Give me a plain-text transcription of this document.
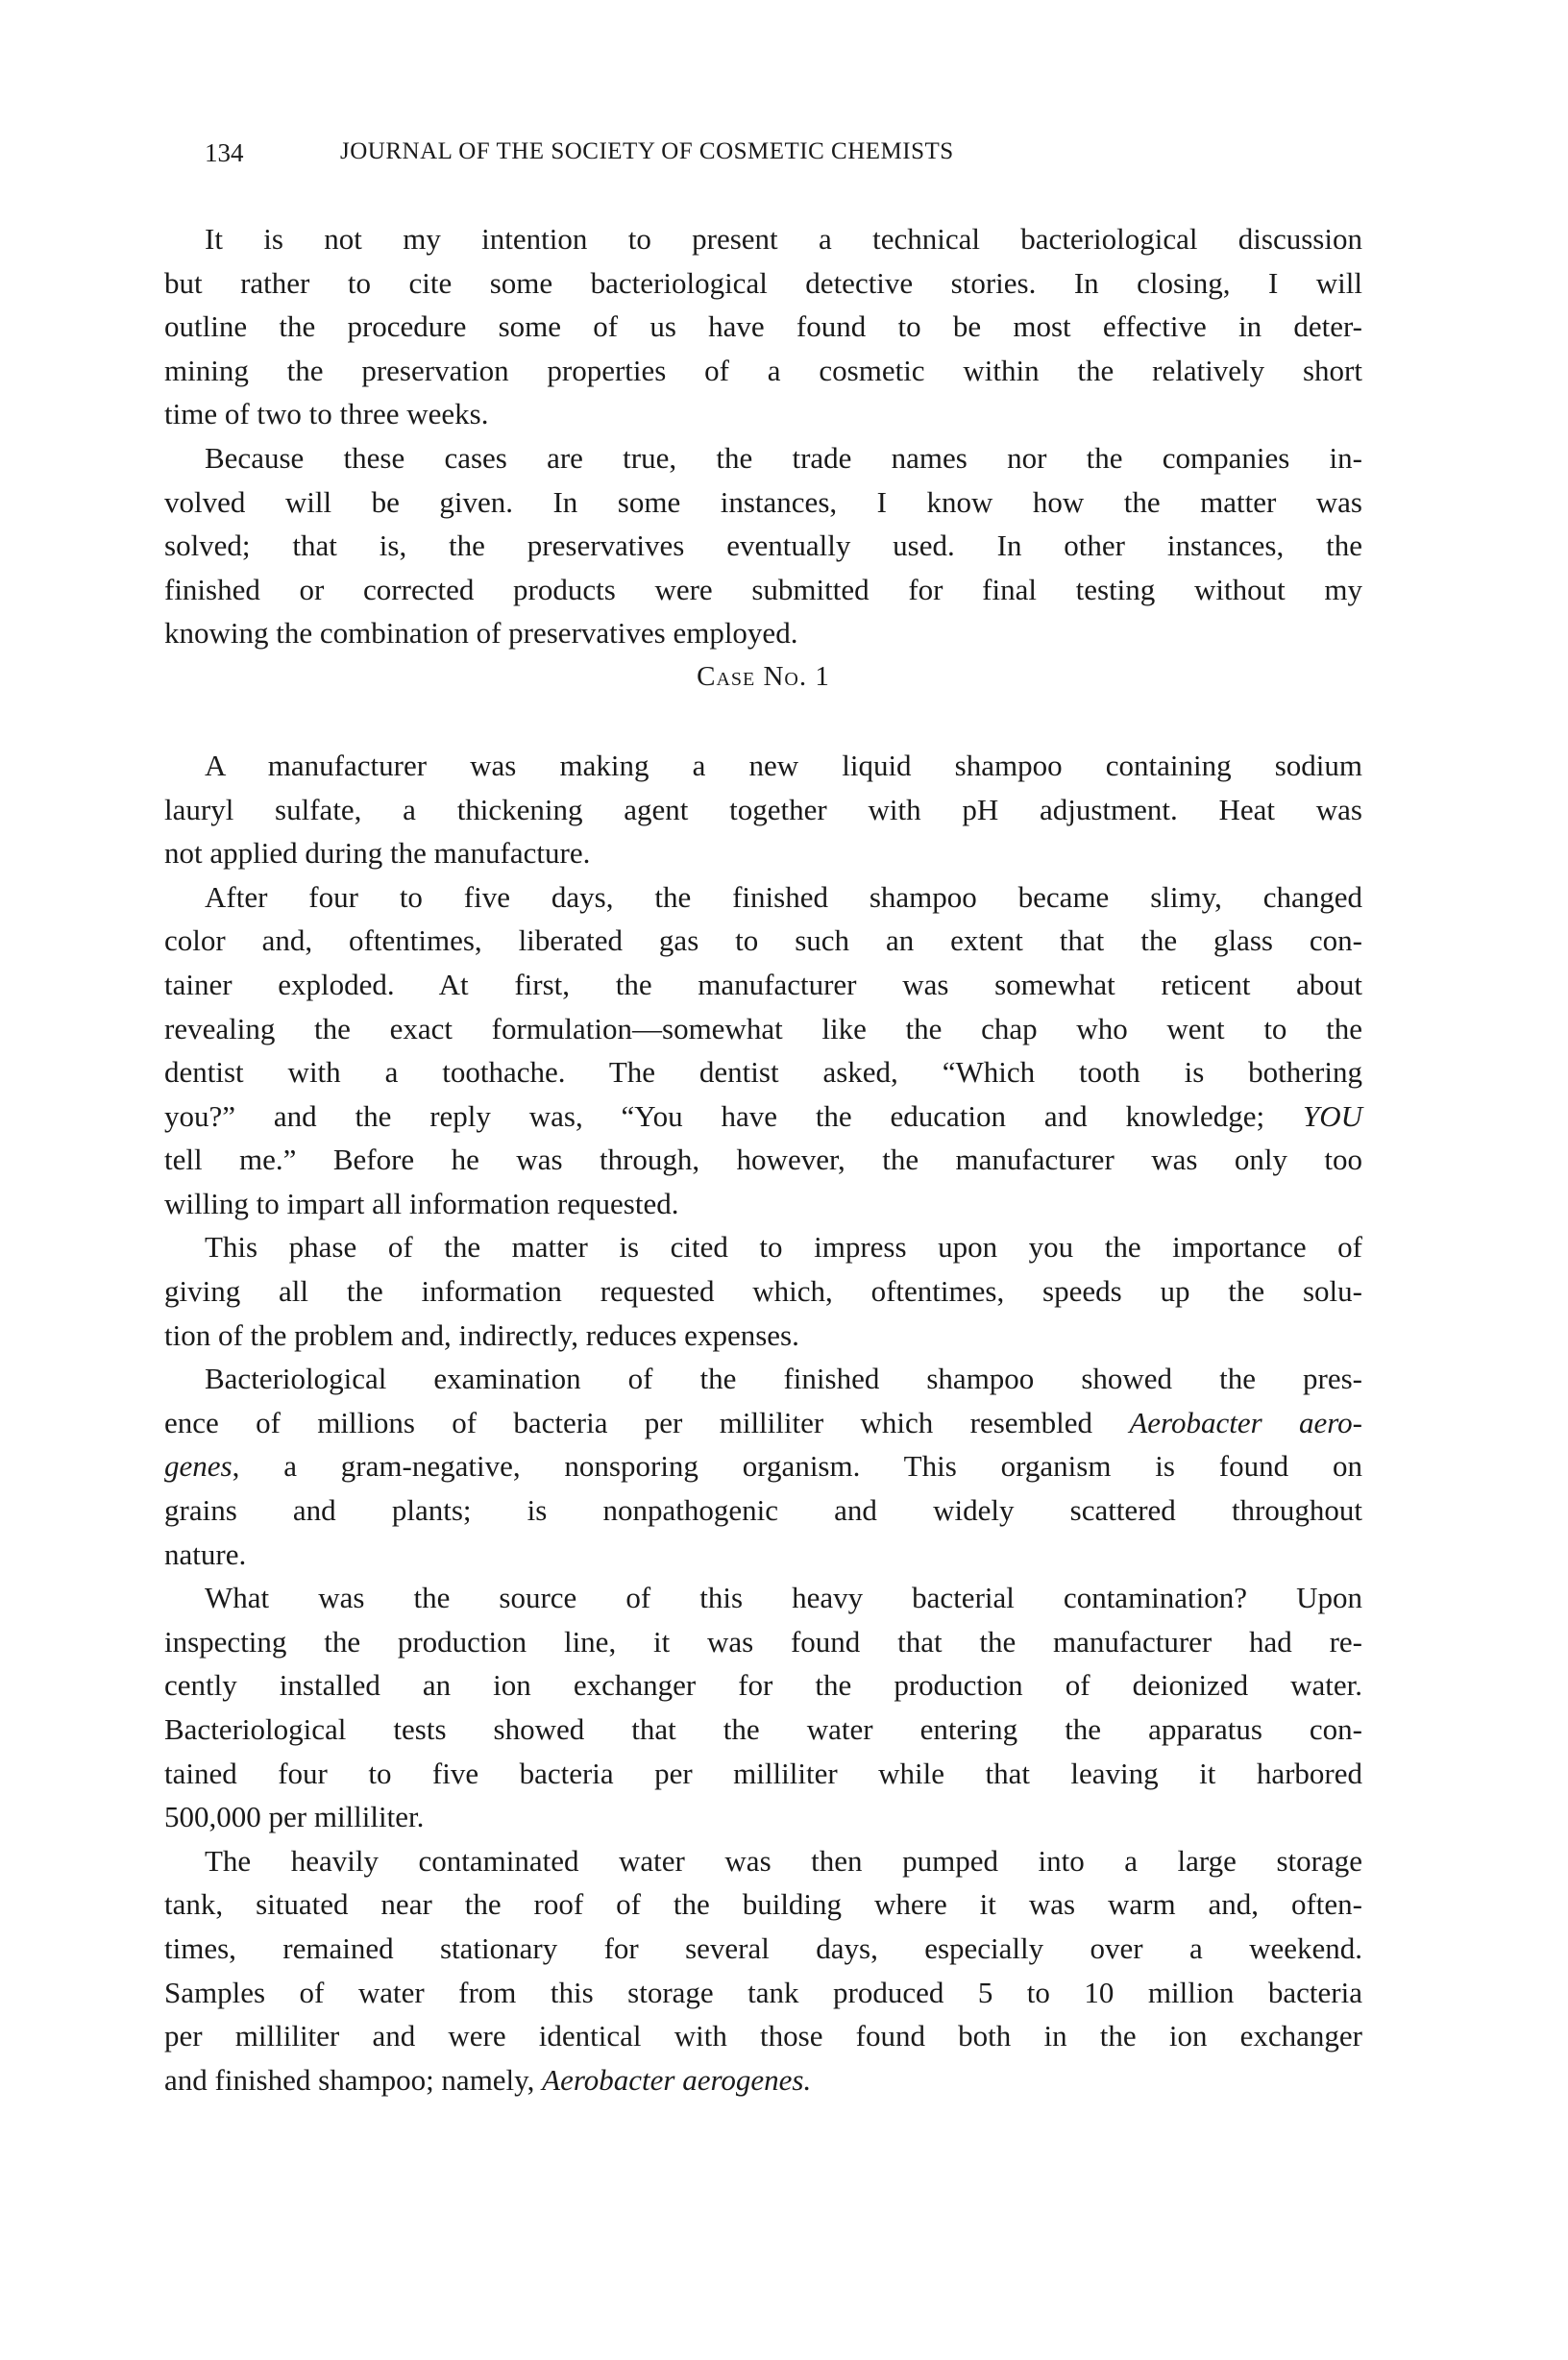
134	JOURNAL OF THE SOCIETY OF COSMETIC CHEMISTS
It is not my intention to present a technical bacteriological discussion
but rather to cite some bacteriological detective stories. In closing, I will
outline the procedure some of us have found to be most effective in deter-
mining the preservation properties of a cosmetic within the relatively short
time of two to three weeks.
Because these cases are true, the trade names nor the companies in-
volved will be given. In some instances, I know how the matter was
solved; that is, the preservatives eventually used. In other instances, the
finished or corrected products were submitted for final testing without my
knowing the combination of preservatives employed.
Case No. 1
A manufacturer was making a new liquid shampoo containing sodium
lauryl sulfate, a thickening agent together with pH adjustment. Heat was
not applied during the manufacture.
After four to five days, the finished shampoo became slimy, changed
color and, oftentimes, liberated gas to such an extent that the glass con-
tainer exploded. At first, the manufacturer was somewhat reticent about
revealing the exact formulation—somewhat like the chap who went to the
dentist with a toothache. The dentist asked, “Which tooth is bothering
you?” and the reply was, “You have the education and knowledge; YOU
tell me.” Before he was through, however, the manufacturer was only too
willing to impart all information requested.
This phase of the matter is cited to impress upon you the importance of
giving all the information requested which, oftentimes, speeds up the solu-
tion of the problem and, indirectly, reduces expenses.
Bacteriological examination of the finished shampoo showed the pres-
ence of millions of bacteria per milliliter which resembled Aerobacter aero-
genes, a gram-negative, nonsporing organism. This organism is found on
grains and plants; is nonpathogenic and widely scattered throughout
nature.
What was the source of this heavy bacterial contamination? Upon
inspecting the production line, it was found that the manufacturer had re-
cently installed an ion exchanger for the production of deionized water.
Bacteriological tests showed that the water entering the apparatus con-
tained four to five bacteria per milliliter while that leaving it harbored
500,000 per milliliter.
The heavily contaminated water was then pumped into a large storage
tank, situated near the roof of the building where it was warm and, often-
times, remained stationary for several days, especially over a weekend.
Samples of water from this storage tank produced 5 to 10 million bacteria
per milliliter and were identical with those found both in the ion exchanger
and finished shampoo; namely, Aerobacter aerogenes.
